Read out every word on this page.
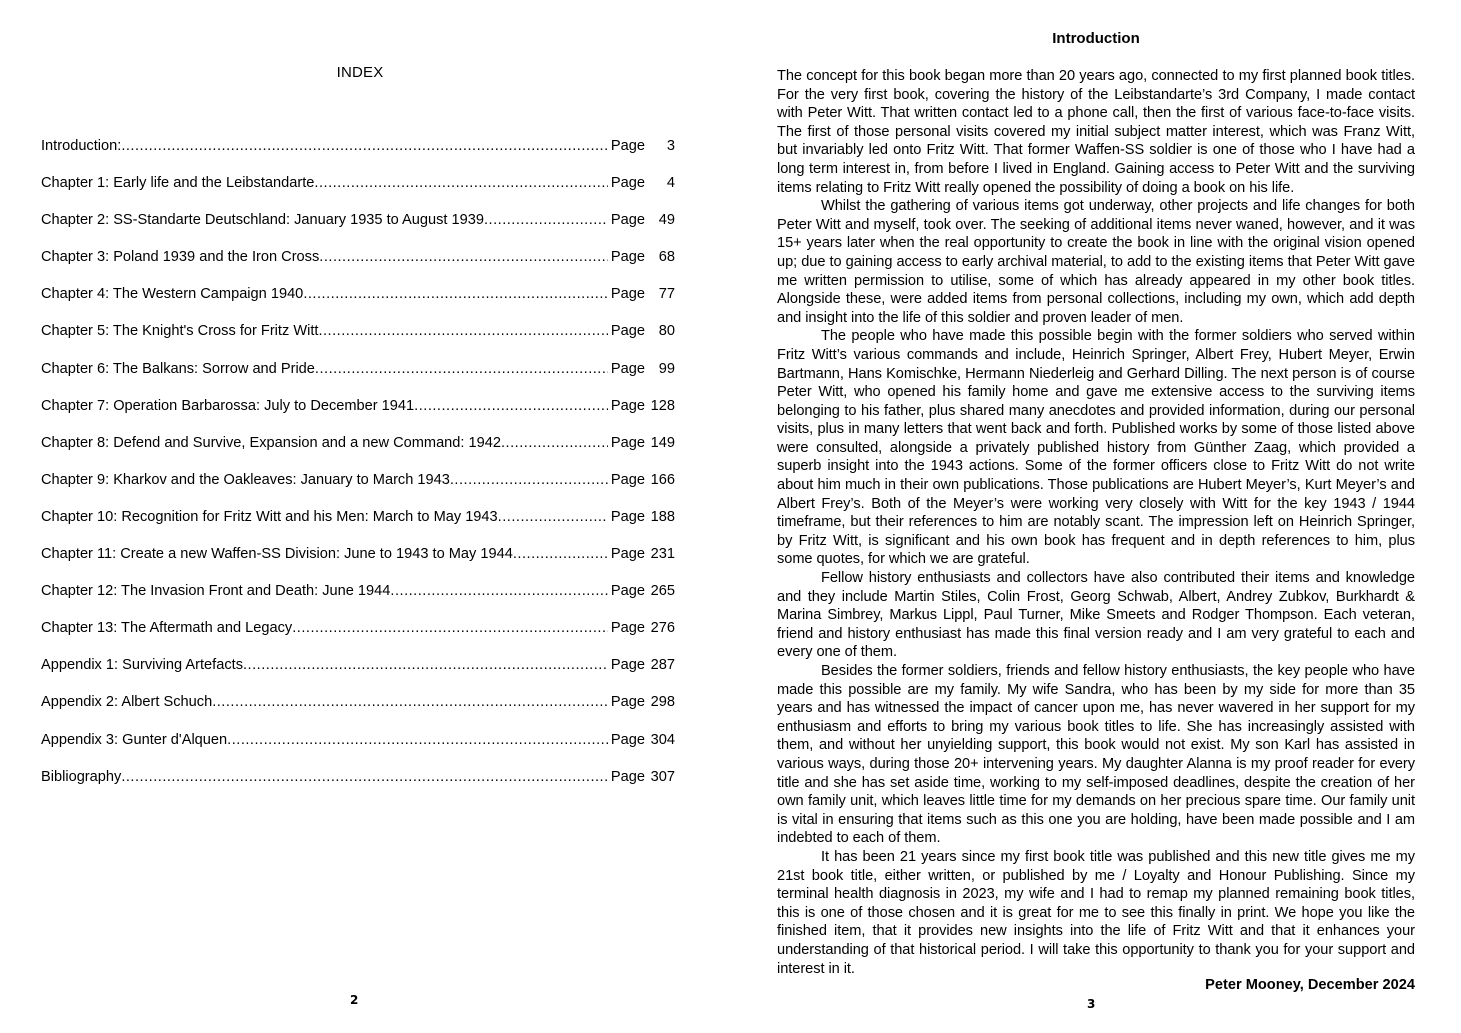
INDEX
Introduction: .....	Page	3
Chapter 1: Early life and the Leibstandarte .....	Page	4
Chapter 2: SS-Standarte Deutschland: January 1935 to August 1939 .....	Page 49
Chapter 3: Poland 1939 and the Iron Cross .....	Page 68
Chapter 4: The Western Campaign 1940 .....	Page 77
Chapter 5: The Knight's Cross for Fritz Witt .....	Page 80
Chapter 6: The Balkans: Sorrow and Pride .....	Page 99
Chapter 7: Operation Barbarossa: July to December 1941 .....	Page 128
Chapter 8: Defend and Survive, Expansion and a new Command: 1942 .....	Page 149
Chapter 9: Kharkov and the Oakleaves: January to March 1943 .....	Page 166
Chapter 10: Recognition for Fritz Witt and his Men: March to May 1943 .....	Page 188
Chapter 11: Create a new Waffen-SS Division: June to 1943 to May 1944 .....	Page 231
Chapter 12: The Invasion Front and Death: June 1944 .....	Page 265
Chapter 13: The Aftermath and Legacy .....	Page 276
Appendix 1: Surviving Artefacts .....	Page 287
Appendix 2: Albert Schuch .....	Page 298
Appendix 3: Gunter d'Alquen .....	Page 304
Bibliography .....	Page 307
2
Introduction

The concept for this book began more than 20 years ago, connected to my first planned book titles. For the very first book, covering the history of the Leibstandarte’s 3rd Company, I made contact with Peter Witt. That written contact led to a phone call, then the first of various face-to-face visits. The first of those personal visits covered my initial subject matter interest, which was Franz Witt, but invariably led onto Fritz Witt. That former Waffen-SS soldier is one of those who I have had a long term interest in, from before I lived in England. Gaining access to Peter Witt and the surviving items relating to Fritz Witt really opened the possibility of doing a book on his life.

Whilst the gathering of various items got underway, other projects and life changes for both Peter Witt and myself, took over. The seeking of additional items never waned, however, and it was 15+ years later when the real opportunity to create the book in line with the original vision opened up; due to gaining access to early archival material, to add to the existing items that Peter Witt gave me written permission to utilise, some of which has already appeared in my other book titles. Alongside these, were added items from personal collections, including my own, which add depth and insight into the life of this soldier and proven leader of men.

The people who have made this possible begin with the former soldiers who served within Fritz Witt’s various commands and include, Heinrich Springer, Albert Frey, Hubert Meyer, Erwin Bartmann, Hans Komischke, Hermann Niederleig and Gerhard Dilling. The next person is of course Peter Witt, who opened his family home and gave me extensive access to the surviving items belonging to his father, plus shared many anecdotes and provided information, during our personal visits, plus in many letters that went back and forth. Published works by some of those listed above were consulted, alongside a privately published history from Günther Zaag, which provided a superb insight into the 1943 actions. Some of the former officers close to Fritz Witt do not write about him much in their own publications. Those publications are Hubert Meyer’s, Kurt Meyer’s and Albert Frey’s. Both of the Meyer’s were working very closely with Witt for the key 1943 / 1944 timeframe, but their references to him are notably scant. The impression left on Heinrich Springer, by Fritz Witt, is significant and his own book has frequent and in depth references to him, plus some quotes, for which we are grateful.

Fellow history enthusiasts and collectors have also contributed their items and knowledge and they include Martin Stiles, Colin Frost, Georg Schwab, Albert, Andrey Zubkov, Burkhardt & Marina Simbrey, Markus Lippl, Paul Turner, Mike Smeets and Rodger Thompson. Each veteran, friend and history enthusiast has made this final version ready and I am very grateful to each and every one of them.

Besides the former soldiers, friends and fellow history enthusiasts, the key people who have made this possible are my family. My wife Sandra, who has been by my side for more than 35 years and has witnessed the impact of cancer upon me, has never wavered in her support for my enthusiasm and efforts to bring my various book titles to life. She has increasingly assisted with them, and without her unyielding support, this book would not exist. My son Karl has assisted in various ways, during those 20+ intervening years. My daughter Alanna is my proof reader for every title and she has set aside time, working to my self-imposed deadlines, despite the creation of her own family unit, which leaves little time for my demands on her precious spare time. Our family unit is vital in ensuring that items such as this one you are holding, have been made possible and I am indebted to each of them.

It has been 21 years since my first book title was published and this new title gives me my 21st book title, either written, or published by me / Loyalty and Honour Publishing. Since my terminal health diagnosis in 2023, my wife and I had to remap my planned remaining book titles, this is one of those chosen and it is great for me to see this finally in print. We hope you like the finished item, that it provides new insights into the life of Fritz Witt and that it enhances your understanding of that historical period. I will take this opportunity to thank you for your support and interest in it.

Peter Mooney, December 2024
3
